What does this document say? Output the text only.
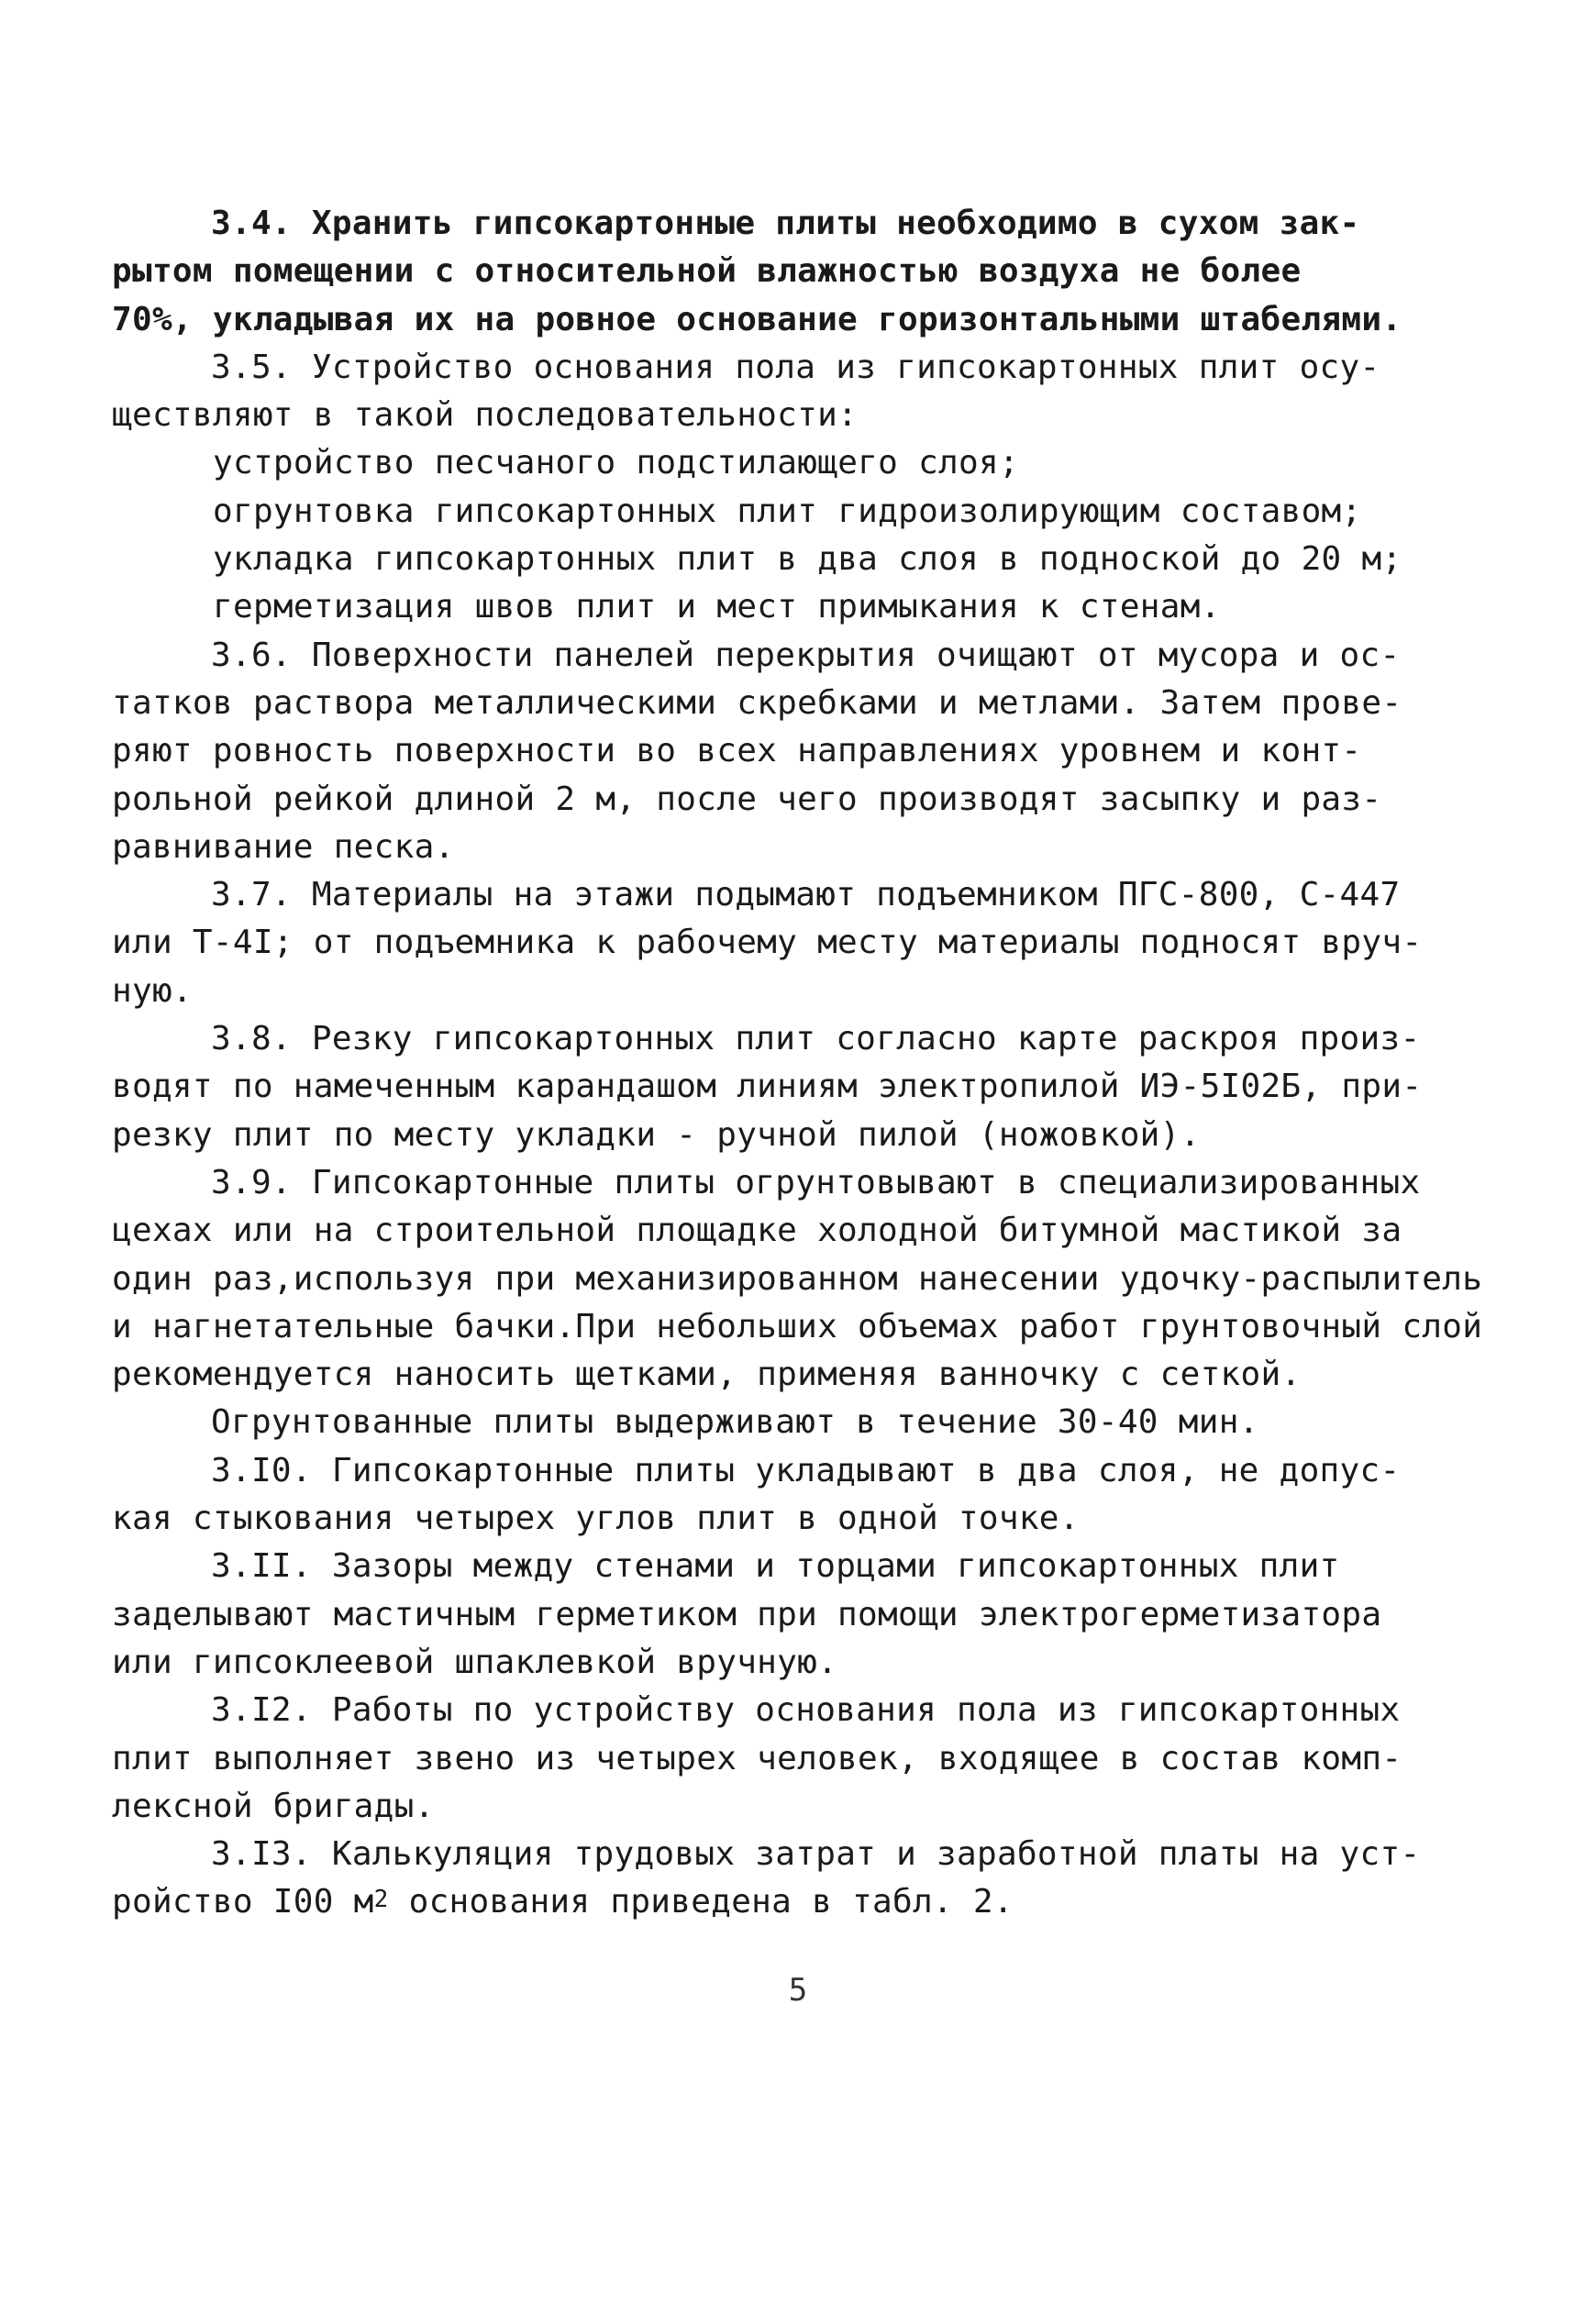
3.4. Хранить гипсокартонные плиты необходимо в сухом зак-
рытом помещении с относительной влажностью воздуха не более
70%, укладывая их на ровное основание горизонтальными штабелями.
3.5. Устройство основания пола из гипсокартонных плит осу-
ществляют в такой последовательности:
устройство песчаного подстилающего слоя;
огрунтовка гипсокартонных плит гидроизолирующим составом;
укладка гипсокартонных плит в два слоя в подноской до 20 м;
герметизация швов плит и мест примыкания к стенам.
3.6. Поверхности панелей перекрытия очищают от мусора и ос-
татков раствора металлическими скребками и метлами. Затем прове-
ряют ровность поверхности во всех направлениях уровнем и конт-
рольной рейкой длиной 2 м, после чего производят засыпку и раз-
равнивание песка.
3.7. Материалы на этажи подымают подъемником ПГС-800, С-447
или Т-4I; от подъемника к рабочему месту материалы подносят вруч-
ную.
3.8. Резку гипсокартонных плит согласно карте раскроя произ-
водят по намеченным карандашом линиям электропилой ИЭ-5I02Б, при-
резку плит по месту укладки - ручной пилой (ножовкой).
3.9. Гипсокартонные плиты огрунтовывают в специализированных
цехах или на строительной площадке холодной битумной мастикой за
один раз,используя при механизированном нанесении удочку-распылитель
и нагнетательные бачки.При небольших объемах работ грунтовочный слой
рекомендуется наносить щетками, применяя ванночку с сеткой.
Огрунтованные плиты выдерживают в течение 30-40 мин.
3.I0. Гипсокартонные плиты укладывают в два слоя, не допус-
кая стыкования четырех углов плит в одной точке.
3.II. Зазоры между стенами и торцами гипсокартонных плит
заделывают мастичным герметиком при помощи электрогерметизатора
или гипсоклеевой шпаклевкой вручную.
3.I2. Работы по устройству основания пола из гипсокартонных
плит выполняет звено из четырех человек, входящее в состав комп-
лексной бригады.
3.I3. Калькуляция трудовых затрат и заработной платы на уст-
ройство I00 $м^2$ основания приведена в табл. 2.
5
